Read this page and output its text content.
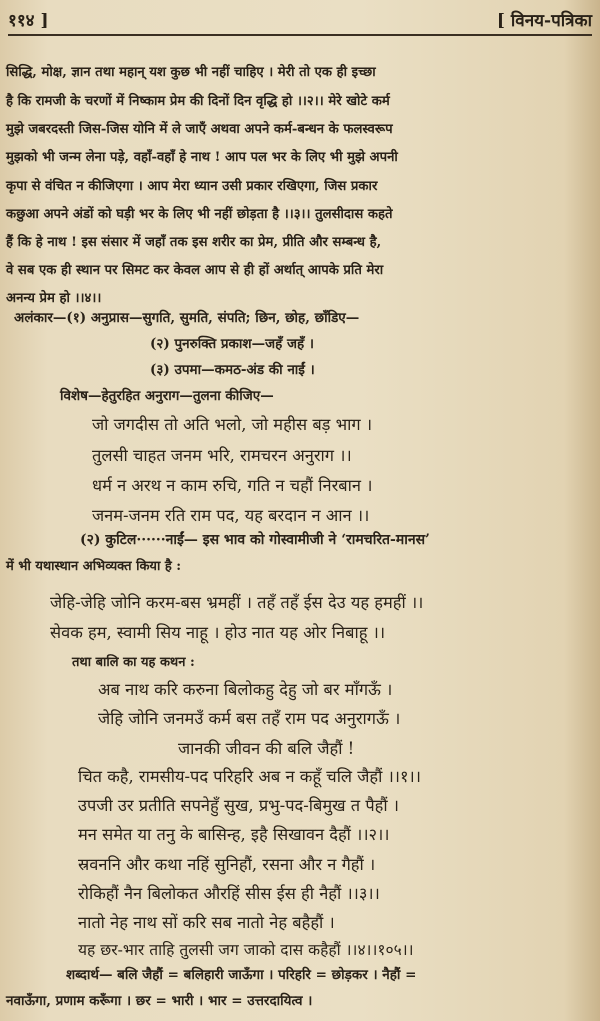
११४ ]	[ विनय-पत्रिका
सिद्धि, मोक्ष, ज्ञान तथा महान् यश कुछ भी नहीं चाहिए । मेरी तो एक ही इच्छा
है कि रामजी के चरणों में निष्काम प्रेम की दिनों दिन वृद्धि हो ।।२।। मेरे खोटे कर्म
मुझे जबरदस्ती जिस-जिस योनि में ले जाएँ अथवा अपने कर्म-बन्धन के फलस्वरूप
मुझको भी जन्म लेना पड़े, वहाँ-वहाँ हे नाथ ! आप पल भर के लिए भी मुझे अपनी
कृपा से वंचित न कीजिएगा । आप मेरा ध्यान उसी प्रकार रखिएगा, जिस प्रकार
कछुआ अपने अंडों को घड़ी भर के लिए भी नहीं छोड़ता है ।।३।। तुलसीदास कहते
हैं कि हे नाथ ! इस संसार में जहाँ तक इस शरीर का प्रेम, प्रीति और सम्बन्ध है,
वे सब एक ही स्थान पर सिमट कर केवल आप से ही हों अर्थात् आपके प्रति मेरा
अनन्य प्रेम हो ।।४।।
अलंकार—(१) अनुप्रास—सुगति, सुमति, संपति; छिन, छोह, छाँडिए—
(२) पुनरुक्ति प्रकाश—जहँ जहँ ।
(३) उपमा—कमठ-अंड की नाईं ।
विशेष—हेतुरहित अनुराग—तुलना कीजिए—
जो जगदीस तो अति भलो, जो महीस बड़ भाग ।
तुलसी चाहत जनम भरि, रामचरन अनुराग ।।
धर्म न अरथ न काम रुचि, गति न चहौं निरबान ।
जनम-जनम रति राम पद, यह बरदान न आन ।।
(२) कुटिल······नाईं— इस भाव को गोस्वामीजी ने ‘रामचरित-मानस’
में भी यथास्थान अभिव्यक्त किया है :
जेहि-जेहि जोनि करम-बस भ्रमहीं । तहँ तहँ ईस देउ यह हमहीं ।।
सेवक हम, स्वामी सिय नाहू । होउ नात यह ओर निबाहू ।।
तथा बालि का यह कथन :
अब नाथ करि करुना बिलोकहु देहु जो बर माँगऊँ ।
जेहि जोनि जनमउँ कर्म बस तहँ राम पद अनुरागऊँ ।
जानकी जीवन की बलि जैहौं !
चित कहै, रामसीय-पद परिहरि अब न कहूँ चलि जैहौं ।।१।।
उपजी उर प्रतीति सपनेहुँ सुख, प्रभु-पद-बिमुख त पैहौं ।
मन समेत या तनु के बासिन्ह, इहै सिखावन दैहौं ।।२।।
स्रवननि और कथा नहिं सुनिहौं, रसना और न गैहौं ।
रोकिहौं नैन बिलोकत औरहिं सीस ईस ही नैहौं ।।३।।
नातो नेह नाथ सों करि सब नातो नेह बहैहौं ।
यह छर-भार ताहि तुलसी जग जाको दास कहैहौं ।।४।।१०५।।
शब्दार्थ— बलि जैहौं = बलिहारी जाऊँगा । परिहरि = छोड़कर । नैहौं =
नवाऊँगा, प्रणाम करूँगा । छर = भारी । भार = उत्तरदायित्व ।
